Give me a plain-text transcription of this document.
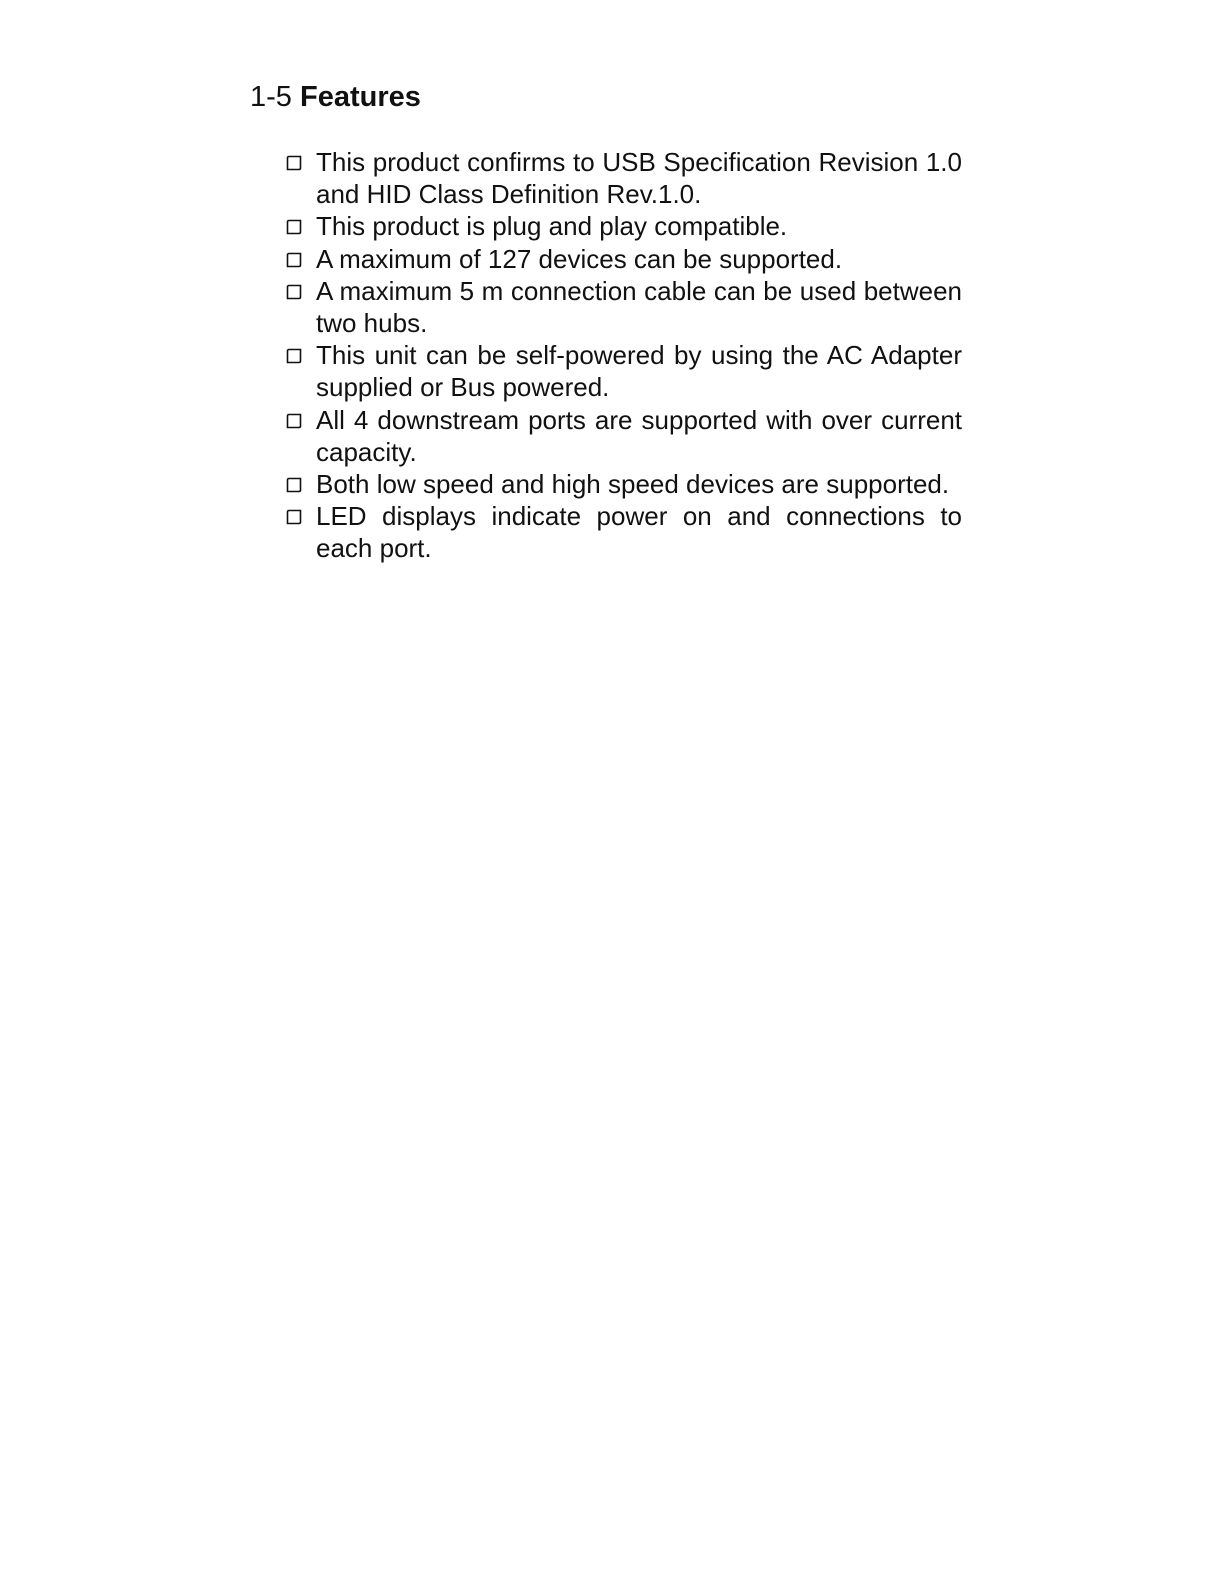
1-5 Features
This product confirms to USB Specification Revision 1.0 and HID Class Definition Rev.1.0.
This product is plug and play compatible.
A maximum of 127 devices can be supported.
A maximum 5 m connection cable can be used between two hubs.
This unit can be self-powered by using the AC Adapter supplied or Bus powered.
All 4 downstream ports are supported with over current capacity.
Both low speed and high speed devices are supported.
LED displays indicate power on and connections to each port.
